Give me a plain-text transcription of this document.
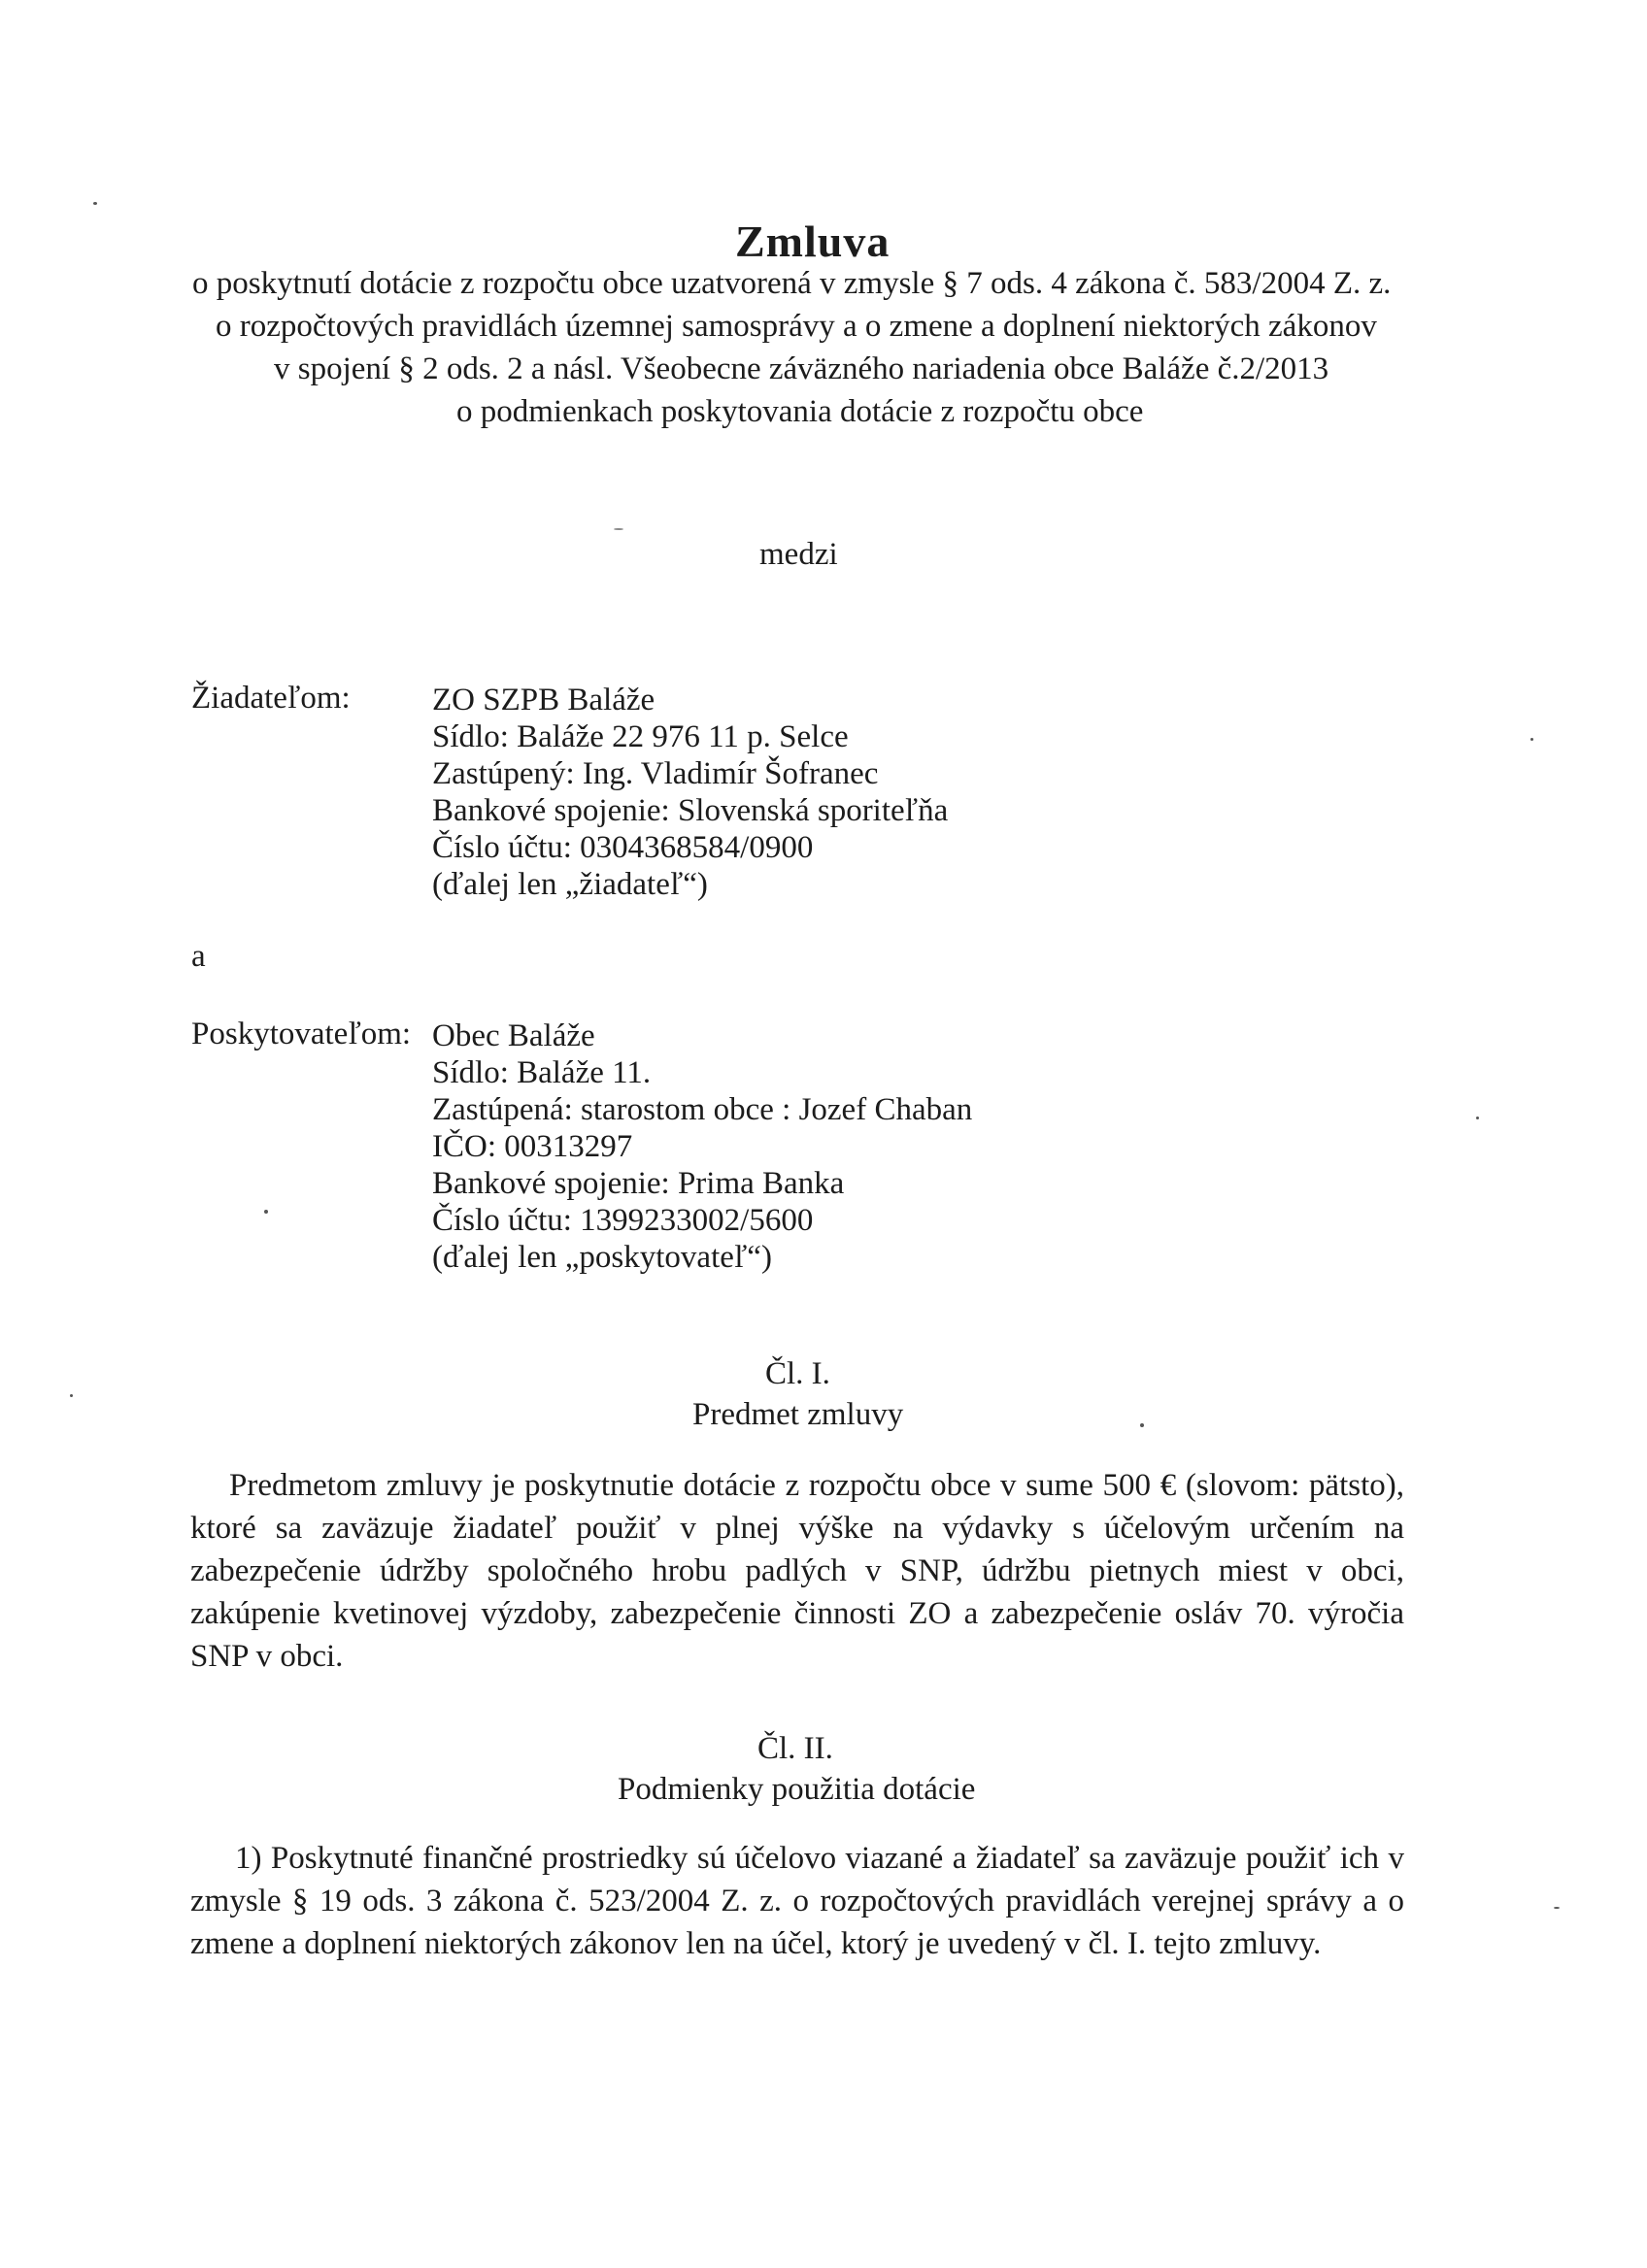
Zmluva
o poskytnutí dotácie z rozpočtu obce uzatvorená v zmysle § 7 ods. 4 zákona č. 583/2004 Z. z.
o rozpočtových pravidlách územnej samosprávy a o zmene a doplnení niektorých zákonov
v spojení § 2 ods. 2 a násl. Všeobecne záväzného nariadenia obce Baláže č.2/2013
o podmienkach poskytovania dotácie z rozpočtu obce
medzi
Žiadateľom:	ZO SZPB Baláže
Sídlo: Baláže 22 976 11 p. Selce
Zastúpený: Ing. Vladimír Šofranec
Bankové spojenie: Slovenská sporiteľňa
Číslo účtu: 0304368584/0900
(ďalej len „žiadateľ“)
a
Poskytovateľom: Obec Baláže
Sídlo: Baláže 11.
Zastúpená: starostom obce : Jozef Chaban
IČO: 00313297
Bankové spojenie: Prima Banka
Číslo účtu: 1399233002/5600
(ďalej len „poskytovateľ“)
Čl. I.
Predmet zmluvy
Predmetom zmluvy je poskytnutie dotácie z rozpočtu obce v sume 500 € (slovom: pätsto), ktoré sa zaväzuje žiadateľ použiť v plnej výške na výdavky s účelovým určením na zabezpečenie údržby spoločného hrobu padlých v SNP, údržbu pietnych miest v obci, zakúpenie kvetinovej výzdoby, zabezpečenie činnosti ZO a zabezpečenie osláv 70. výročia SNP v obci.
Čl. II.
Podmienky použitia dotácie
1) Poskytnuté finančné prostriedky sú účelovo viazané a žiadateľ sa zaväzuje použiť ich v zmysle § 19 ods. 3 zákona č. 523/2004 Z. z. o rozpočtových pravidlách verejnej správy a o zmene a doplnení niektorých zákonov len na účel, ktorý je uvedený v čl. I. tejto zmluvy.
